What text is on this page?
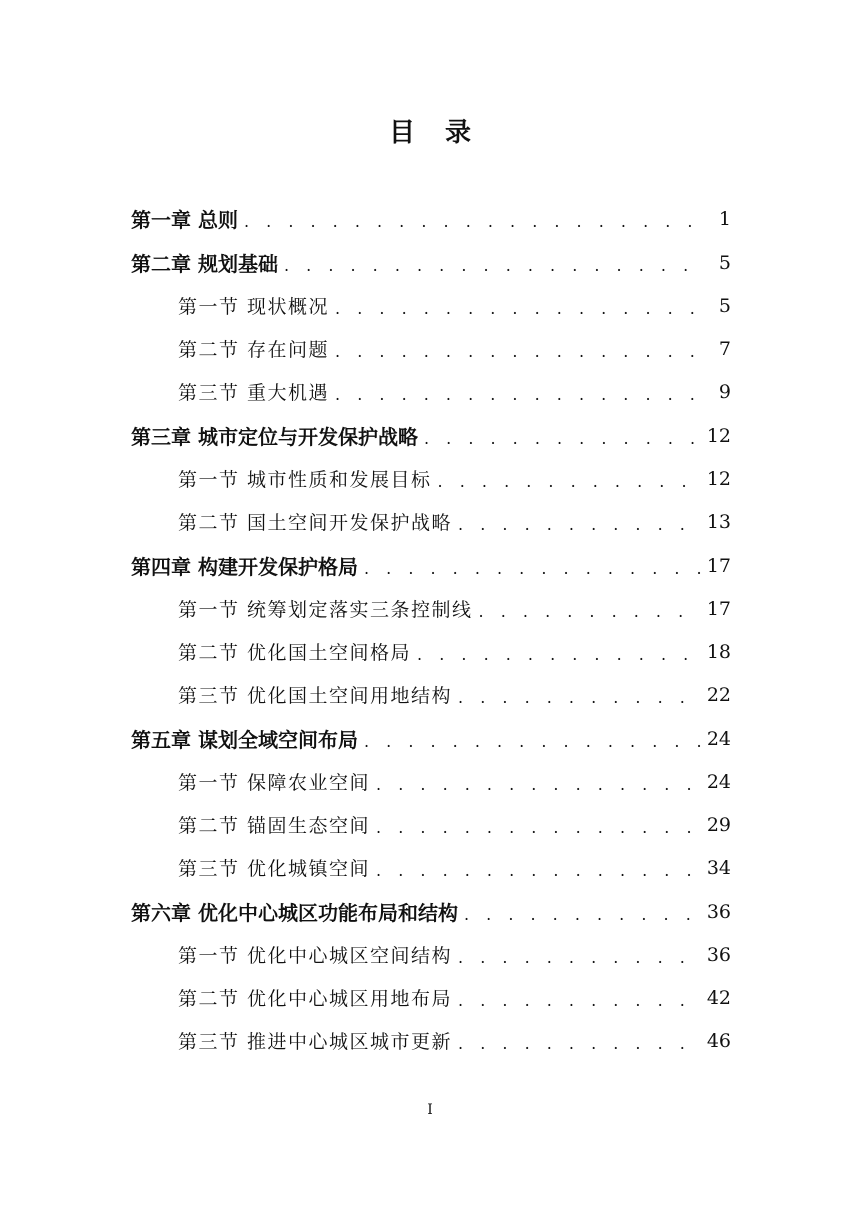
目录
第一章 总则 . . .	1
第二章 规划基础 . . .	5
第一节 现状概况 . . .	5
第二节 存在问题 . . .	7
第三节 重大机遇 . . .	9
第三章 城市定位与开发保护战略 . . .	12
第一节 城市性质和发展目标 . . .	12
第二节 国土空间开发保护战略 . . .	13
第四章 构建开发保护格局 . . .	17
第一节 统筹划定落实三条控制线 . . .	17
第二节 优化国土空间格局 . . .	18
第三节 优化国土空间用地结构 . . .	22
第五章 谋划全域空间布局 . . .	24
第一节 保障农业空间 . . .	24
第二节 锚固生态空间 . . .	29
第三节 优化城镇空间 . . .	34
第六章 优化中心城区功能布局和结构 . . .	36
第一节 优化中心城区空间结构 . . .	36
第二节 优化中心城区用地布局 . . .	42
第三节 推进中心城区城市更新 . . .	46
I
